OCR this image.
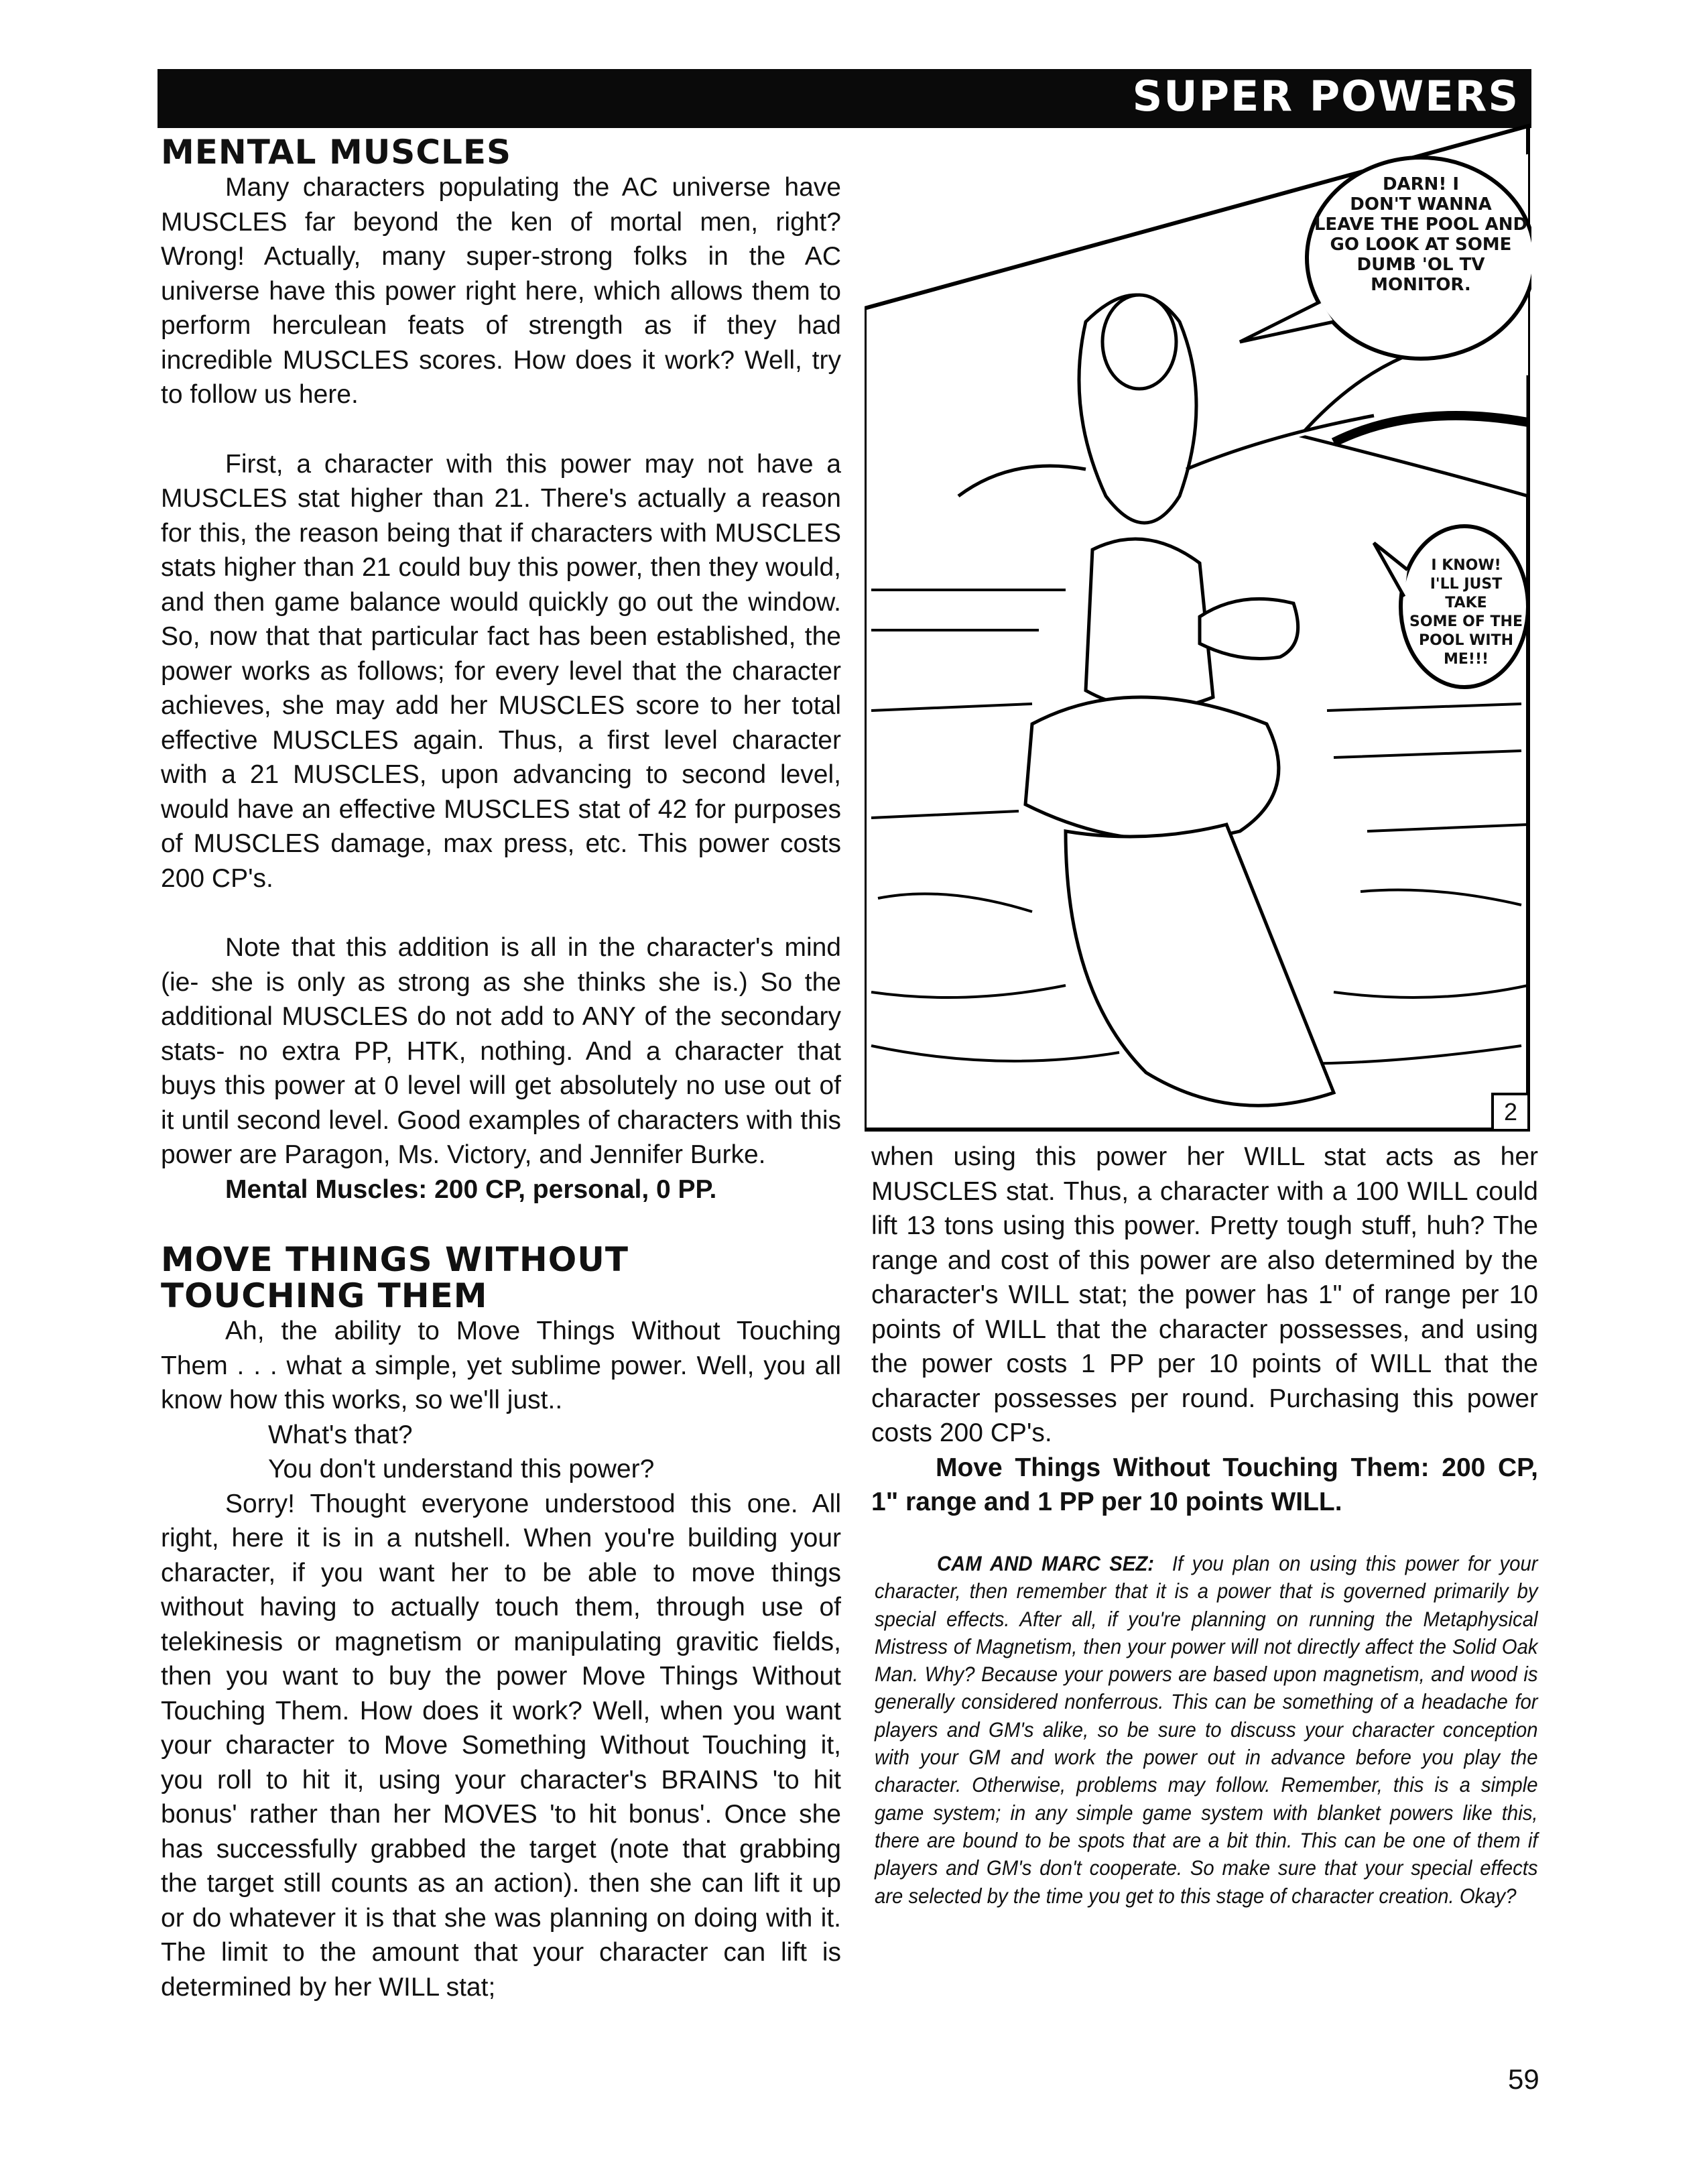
SUPER POWERS
MENTAL MUSCLES

Many characters populating the AC universe have MUSCLES far beyond the ken of mortal men, right? Wrong! Actually, many super-strong folks in the AC universe have this power right here, which allows them to perform herculean feats of strength as if they had incredible MUSCLES scores. How does it work? Well, try to follow us here.

First, a character with this power may not have a MUSCLES stat higher than 21. There's actually a reason for this, the reason being that if characters with MUSCLES stats higher than 21 could buy this power, then they would, and then game balance would quickly go out the window. So, now that that particular fact has been established, the power works as follows; for every level that the character achieves, she may add her MUSCLES score to her total effective MUSCLES again. Thus, a first level character with a 21 MUSCLES, upon advancing to second level, would have an effective MUSCLES stat of 42 for purposes of MUSCLES damage, max press, etc. This power costs 200 CP's.

Note that this addition is all in the character's mind (ie- she is only as strong as she thinks she is.) So the additional MUSCLES do not add to ANY of the secondary stats- no extra PP, HTK, nothing. And a character that buys this power at 0 level will get absolutely no use out of it until second level. Good examples of characters with this power are Paragon, Ms. Victory, and Jennifer Burke.

Mental Muscles: 200 CP, personal, 0 PP.

MOVE THINGS WITHOUT TOUCHING THEM

Ah, the ability to Move Things Without Touching Them . . . what a simple, yet sublime power. Well, you all know how this works, so we'll just..

What's that?

You don't understand this power?

Sorry! Thought everyone understood this one. All right, here it is in a nutshell. When you're building your character, if you want her to be able to move things without having to actually touch them, through use of telekinesis or magnetism or manipulating gravitic fields, then you want to buy the power Move Things Without Touching Them. How does it work? Well, when you want your character to Move Something Without Touching it, you roll to hit it, using your character's BRAINS 'to hit bonus' rather than her MOVES 'to hit bonus'. Once she has successfully grabbed the target (note that grabbing the target still counts as an action). then she can lift it up or do whatever it is that she was planning on doing with it. The limit to the amount that your character can lift is determined by her WILL stat;

DARN! I
DON'T WANNA
LEAVE THE POOL AND
GO LOOK AT SOME
DUMB 'OL TV
MONITOR.
I KNOW!
I'LL JUST TAKE
SOME OF THE
POOL WITH
ME!!!
2

when using this power her WILL stat acts as her MUSCLES stat. Thus, a character with a 100 WILL could lift 13 tons using this power. Pretty tough stuff, huh? The range and cost of this power are also determined by the character's WILL stat; the power has 1" of range per 10 points of WILL that the character possesses, and using the power costs 1 PP per 10 points of WILL that the character possesses per round. Purchasing this power costs 200 CP's.

Move Things Without Touching Them: 200 CP, 1" range and 1 PP per 10 points WILL.

CAM AND MARC SEZ: If you plan on using this power for your character, then remember that it is a power that is governed primarily by special effects. After all, if you're planning on running the Metaphysical Mistress of Magnetism, then your power will not directly affect the Solid Oak Man. Why? Because your powers are based upon magnetism, and wood is generally considered nonferrous. This can be something of a headache for players and GM's alike, so be sure to discuss your character conception with your GM and work the power out in advance before you play the character. Otherwise, problems may follow. Remember, this is a simple game system; in any simple game system with blanket powers like this, there are bound to be spots that are a bit thin. This can be one of them if players and GM's don't cooperate. So make sure that your special effects are selected by the time you get to this stage of character creation. Okay?
59
